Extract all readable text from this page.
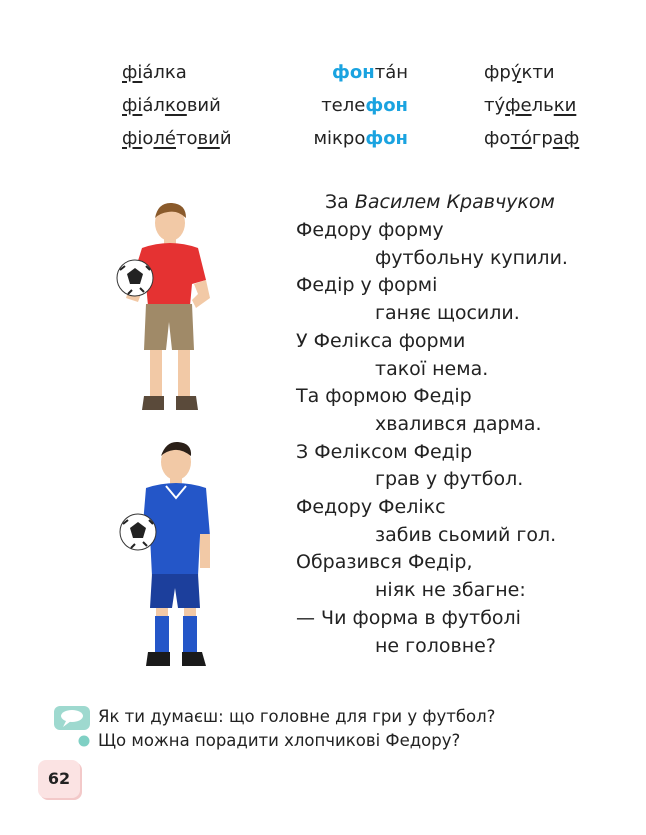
фіа́лка
фіа́лковий
фіоле́товий
фонта́н
телефон
мікрофон
фру́кти
ту́фельки
фото́граф
За Василем Кравчуком
Федору форму
футбольну купили.
Федір у формі
ганяє щосили.
У Фелікса форми
такої нема.
Та формою Федір
хвалився дарма.
З Феліксом Федір
грав у футбол.
Федору Фелікс
забив сьомий гол.
Образився Федір,
ніяк не збагне:
— Чи форма в футболі
не головне?
Як ти думаєш: що головне для гри у футбол?
Що можна порадити хлопчикові Федору?
62
